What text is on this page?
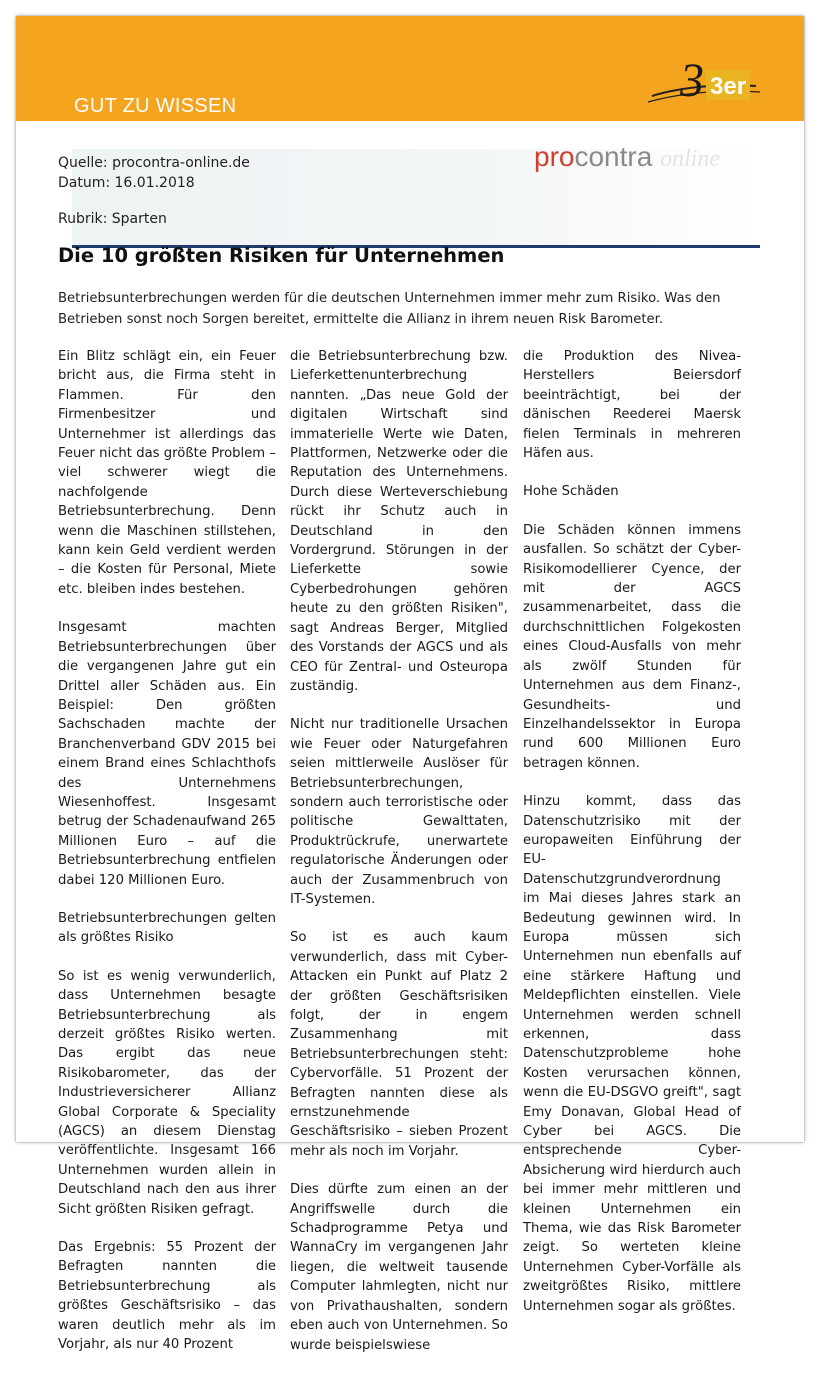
GUT ZU WISSEN	3 3er
Quelle: procontra-online.de
Datum: 16.01.2018
Rubrik: Sparten
procontra online
Die 10 größten Risiken für Unternehmen
Betriebsunterbrechungen werden für die deutschen Unternehmen immer mehr zum Risiko. Was den Betrieben sonst noch Sorgen bereitet, ermittelte die Allianz in ihrem neuen Risk Barometer.

Ein Blitz schlägt ein, ein Feuer bricht aus, die Firma steht in Flammen. Für den Firmenbesitzer und Unternehmer ist allerdings das Feuer nicht das größte Problem – viel schwerer wiegt die nachfolgende Betriebsunterbrechung. Denn wenn die Maschinen stillstehen, kann kein Geld verdient werden – die Kosten für Personal, Miete etc. bleiben indes bestehen.

Insgesamt machten Betriebsunterbrechungen über die vergangenen Jahre gut ein Drittel aller Schäden aus. Ein Beispiel: Den größten Sachschaden machte der Branchenverband GDV 2015 bei einem Brand eines Schlachthofs des Unternehmens Wiesenhoffest. Insgesamt betrug der Schadenaufwand 265 Millionen Euro – auf die Betriebsunterbrechung entfielen dabei 120 Millionen Euro.

Betriebsunterbrechungen gelten als größtes Risiko

So ist es wenig verwunderlich, dass Unternehmen besagte Betriebsunterbrechung als derzeit größtes Risiko werten. Das ergibt das neue Risikobarometer, das der Industrieversicherer Allianz Global Corporate & Speciality (AGCS) an diesem Dienstag veröffentlichte. Insgesamt 166 Unternehmen wurden allein in Deutschland nach den aus ihrer Sicht größten Risiken gefragt.

Das Ergebnis: 55 Prozent der Befragten nannten die Betriebsunterbrechung als größtes Geschäftsrisiko – das waren deutlich mehr als im Vorjahr, als nur 40 Prozent

die Betriebsunterbrechung bzw. Lieferkettenunterbrechung nannten. „Das neue Gold der digitalen Wirtschaft sind immaterielle Werte wie Daten, Plattformen, Netzwerke oder die Reputation des Unternehmens. Durch diese Werteverschiebung rückt ihr Schutz auch in Deutschland in den Vordergrund. Störungen in der Lieferkette sowie Cyberbedrohungen gehören heute zu den größten Risiken", sagt Andreas Berger, Mitglied des Vorstands der AGCS und als CEO für Zentral- und Osteuropa zuständig.

Nicht nur traditionelle Ursachen wie Feuer oder Naturgefahren seien mittlerweile Auslöser für Betriebsunterbrechungen, sondern auch terroristische oder politische Gewalttaten, Produktrückrufe, unerwartete regulatorische Änderungen oder auch der Zusammenbruch von IT-Systemen.

So ist es auch kaum verwunderlich, dass mit Cyber-Attacken ein Punkt auf Platz 2 der größten Geschäftsrisiken folgt, der in engem Zusammenhang mit Betriebsunterbrechungen steht: Cybervorfälle. 51 Prozent der Befragten nannten diese als ernstzunehmende Geschäftsrisiko – sieben Prozent mehr als noch im Vorjahr.

Dies dürfte zum einen an der Angriffswelle durch die Schadprogramme Petya und WannaCry im vergangenen Jahr liegen, die weltweit tausende Computer lahmlegten, nicht nur von Privathaushalten, sondern eben auch von Unternehmen. So wurde beispielswiese

die Produktion des Nivea-Herstellers Beiersdorf beeinträchtigt, bei der dänischen Reederei Maersk fielen Terminals in mehreren Häfen aus.

Hohe Schäden

Die Schäden können immens ausfallen. So schätzt der Cyber-Risikomodellierer Cyence, der mit der AGCS zusammenarbeitet, dass die durchschnittlichen Folgekosten eines Cloud-Ausfalls von mehr als zwölf Stunden für Unternehmen aus dem Finanz-, Gesundheits- und Einzelhandelssektor in Europa rund 600 Millionen Euro betragen können.

Hinzu kommt, dass das Datenschutzrisiko mit der europaweiten Einführung der EU-Datenschutzgrundverordnung im Mai dieses Jahres stark an Bedeutung gewinnen wird. In Europa müssen sich Unternehmen nun ebenfalls auf eine stärkere Haftung und Meldepflichten einstellen. Viele Unternehmen werden schnell erkennen, dass Datenschutzprobleme hohe Kosten verursachen können, wenn die EU-DSGVO greift", sagt Emy Donavan, Global Head of Cyber bei AGCS. Die entsprechende Cyber-Absicherung wird hierdurch auch bei immer mehr mittleren und kleinen Unternehmen ein Thema, wie das Risk Barometer zeigt. So werteten kleine Unternehmen Cyber-Vorfälle als zweitgrößtes Risiko, mittlere Unternehmen sogar als größtes.
